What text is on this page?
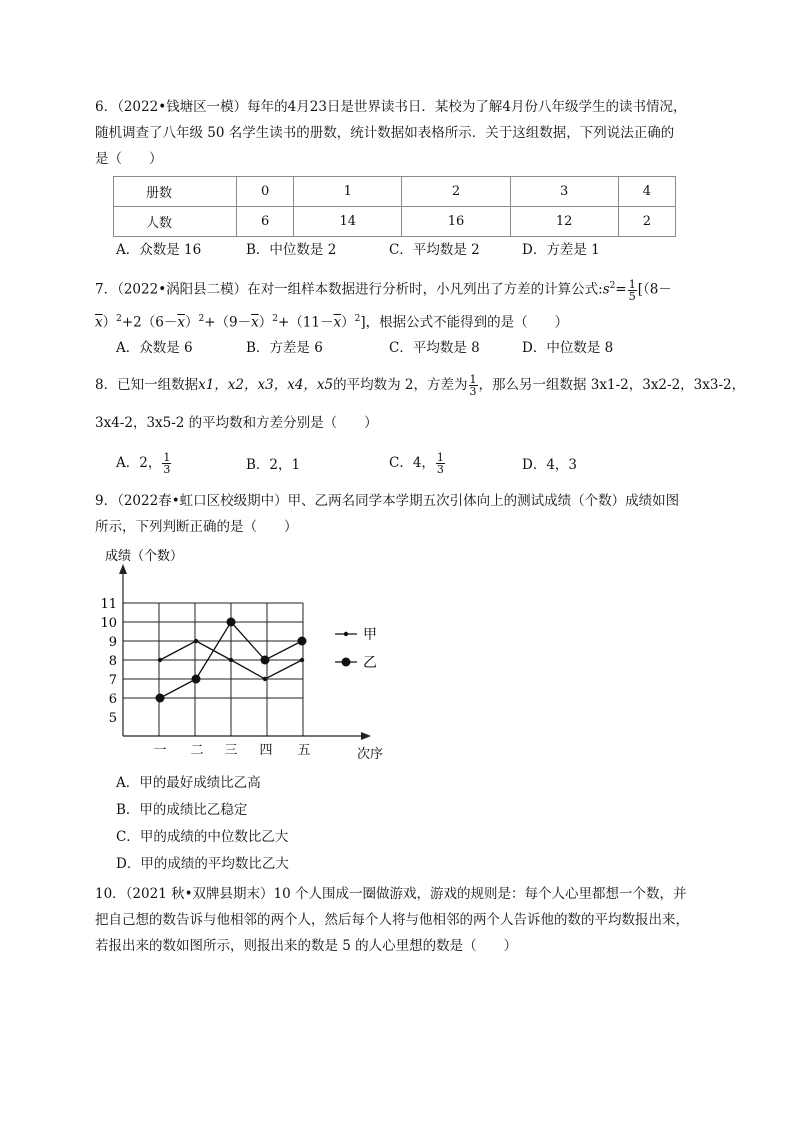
6．（2022•钱塘区一模）每年的4月23日是世界读书日．某校为了解4月份八年级学生的读书情况，
随机调查了八年级 50 名学生读书的册数，统计数据如表格所示．关于这组数据，下列说法正确的
是（　　）
册数	0	1	2	3	4
人数	6	14	16	12	2
A．众数是 16	B．中位数是 2	C．平均数是 2	D．方差是 1
7．（2022•涡阳县二模）在对一组样本数据进行分析时，小凡列出了方差的计算公式$:s^2= \frac{1}{5} [(8-$
$\overline{x})^2+2(6-\overline{x})^2+(9-\overline{x})^2+(11-\overline{x})^2$]，根据公式不能得到的是（　　）
A．众数是 6	B．方差是 6	C．平均数是 8	D．中位数是 8
8．已知一组数据x1，x2，x3，x4，x5的平均数为 2，方差为 $\frac{1}{3}$ ，那么另一组数据 3x1-2，3x2-2，3x3-2，
3x4-2，3x5-2 的平均数和方差分别是（　　）
A．2， $\frac{1}{3}$	B．2，1	C．4， $\frac{1}{3}$	D．4，3
9．（2022春•虹口区校级期中）甲、乙两名同学本学期五次引体向上的测试成绩（个数）成绩如图
所示，下列判断正确的是（　　）
成绩（个数）
次序
5
6
7
8
9
10
11
一 二 三 四 五
甲
乙
A．甲的最好成绩比乙高
B．甲的成绩比乙稳定
C．甲的成绩的中位数比乙大
D．甲的成绩的平均数比乙大
10．（2021 秋•双牌县期末）10 个人围成一圈做游戏，游戏的规则是：每个人心里都想一个数，并
把自己想的数告诉与他相邻的两个人，然后每个人将与他相邻的两个人告诉他的数的平均数报出来，
若报出来的数如图所示，则报出来的数是 5 的人心里想的数是（　　）
